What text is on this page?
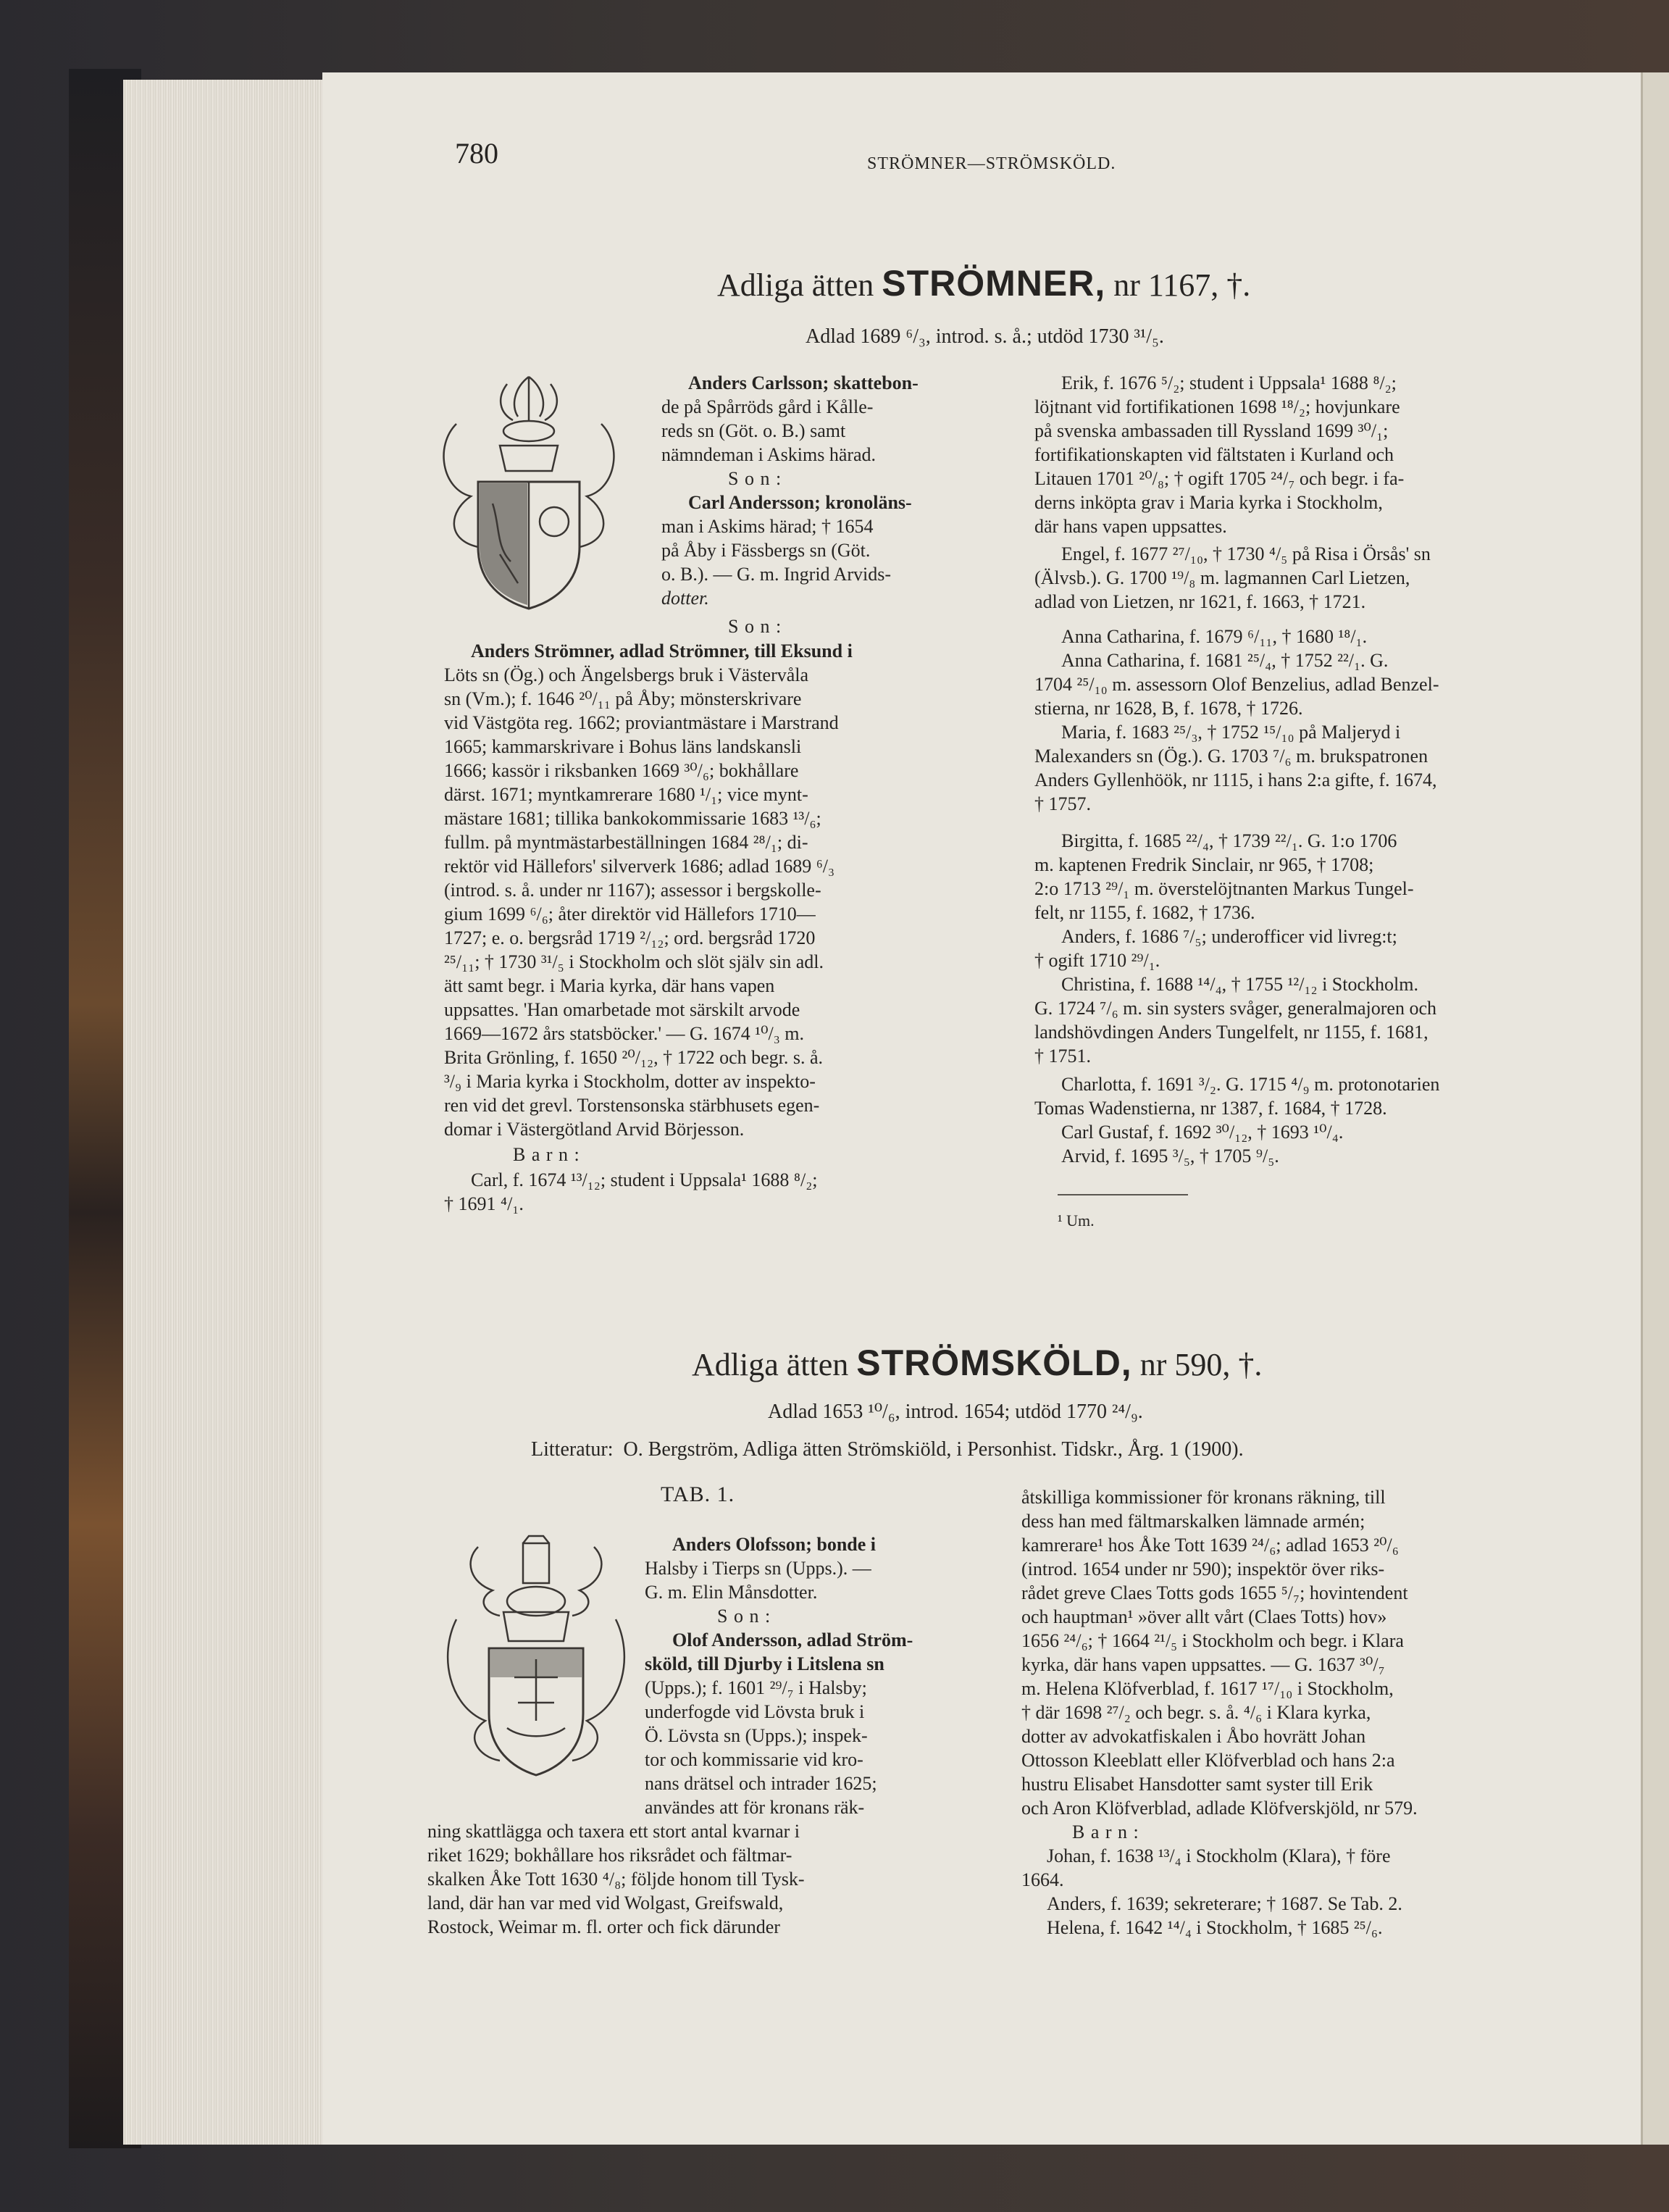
780	STRÖMNER—STRÖMSKÖLD.
Adliga ätten STRÖMNER, nr 1167, †.
Adlad 1689 ⁶/₃, introd. s. å.; utdöd 1730 ³¹/₅.
Anders Carlsson; skattebon-
de på Spårröds gård i Kålle-
reds sn (Göt. o. B.) samt
nämndeman i Askims härad.
S o n :
Carl Andersson; kronoläns-
man i Askims härad; † 1654
på Åby i Fässbergs sn (Göt.
o. B.). — G. m. Ingrid Arvids-
dotter.
S o n :
Anders Strömner, adlad Strömner, till Eksund i
Löts sn (Ög.) och Ängelsbergs bruk i Västervåla
sn (Vm.); f. 1646 ²⁰/₁₁ på Åby; mönsterskrivare
vid Västgöta reg. 1662; proviantmästare i Marstrand
1665; kammarskrivare i Bohus läns landskansli
1666; kassör i riksbanken 1669 ³⁰/₆; bokhållare
därst. 1671; myntkamrerare 1680 ¹/₁; vice mynt-
mästare 1681; tillika bankokommissarie 1683 ¹³/₆;
fullm. på myntmästarbeställningen 1684 ²⁸/₁; di-
rektör vid Hällefors' silververk 1686; adlad 1689 ⁶/₃
(introd. s. å. under nr 1167); assessor i bergskolle-
gium 1699 ⁶/₆; åter direktör vid Hällefors 1710—
1727; e. o. bergsråd 1719 ²/₁₂; ord. bergsråd 1720
²⁵/₁₁; † 1730 ³¹/₅ i Stockholm och slöt själv sin adl.
ätt samt begr. i Maria kyrka, där hans vapen
uppsattes. 'Han omarbetade mot särskilt arvode
1669—1672 års statsböcker.' — G. 1674 ¹⁰/₃ m.
Brita Grönling, f. 1650 ²⁰/₁₂, † 1722 och begr. s. å.
³/₉ i Maria kyrka i Stockholm, dotter av inspekto-
ren vid det grevl. Torstensonska stärbhusets egen-
domar i Västergötland Arvid Börjesson.
B a r n :
Carl, f. 1674 ¹³/₁₂; student i Uppsala¹ 1688 ⁸/₂;
† 1691 ⁴/₁.
Erik, f. 1676 ⁵/₂; student i Uppsala¹ 1688 ⁸/₂;
löjtnant vid fortifikationen 1698 ¹⁸/₂; hovjunkare
på svenska ambassaden till Ryssland 1699 ³⁰/₁;
fortifikationskapten vid fältstaten i Kurland och
Litauen 1701 ²⁰/₈; † ogift 1705 ²⁴/₇ och begr. i fa-
derns inköpta grav i Maria kyrka i Stockholm,
där hans vapen uppsattes.
Engel, f. 1677 ²⁷/₁₀, † 1730 ⁴/₅ på Risa i Örsås' sn
(Älvsb.). G. 1700 ¹⁹/₈ m. lagmannen Carl Lietzen,
adlad von Lietzen, nr 1621, f. 1663, † 1721.
Anna Catharina, f. 1679 ⁶/₁₁, † 1680 ¹⁸/₁.
Anna Catharina, f. 1681 ²⁵/₄, † 1752 ²²/₁. G.
1704 ²⁵/₁₀ m. assessorn Olof Benzelius, adlad Benzel-
stierna, nr 1628, B, f. 1678, † 1726.
Maria, f. 1683 ²⁵/₃, † 1752 ¹⁵/₁₀ på Maljeryd i
Malexanders sn (Ög.). G. 1703 ⁷/₆ m. brukspatronen
Anders Gyllenhöök, nr 1115, i hans 2:a gifte, f. 1674,
† 1757.
Birgitta, f. 1685 ²²/₄, † 1739 ²²/₁. G. 1:o 1706
m. kaptenen Fredrik Sinclair, nr 965, † 1708;
2:o 1713 ²⁹/₁ m. överstelöjtnanten Markus Tungel-
felt, nr 1155, f. 1682, † 1736.
Anders, f. 1686 ⁷/₅; underofficer vid livreg:t;
† ogift 1710 ²⁹/₁.
Christina, f. 1688 ¹⁴/₄, † 1755 ¹²/₁₂ i Stockholm.
G. 1724 ⁷/₆ m. sin systers svåger, generalmajoren och
landshövdingen Anders Tungelfelt, nr 1155, f. 1681,
† 1751.
Charlotta, f. 1691 ³/₂. G. 1715 ⁴/₉ m. protonotarien
Tomas Wadenstierna, nr 1387, f. 1684, † 1728.
Carl Gustaf, f. 1692 ³⁰/₁₂, † 1693 ¹⁰/₄.
Arvid, f. 1695 ³/₅, † 1705 ⁹/₅.
¹ Um.
Adliga ätten STRÖMSKÖLD, nr 590, †.
Adlad 1653 ¹⁰/₆, introd. 1654; utdöd 1770 ²⁴/₉.
Litteratur:  O. Bergström, Adliga ätten Strömskiöld, i Personhist. Tidskr., Årg. 1 (1900).
TAB. 1.
Anders Olofsson; bonde i
Halsby i Tierps sn (Upps.). —
G. m. Elin Månsdotter.
S o n :
Olof Andersson, adlad Ström-
sköld, till Djurby i Litslena sn
(Upps.); f. 1601 ²⁹/₇ i Halsby;
underfogde vid Lövsta bruk i
Ö. Lövsta sn (Upps.); inspek-
tor och kommissarie vid kro-
nans drätsel och intrader 1625;
användes att för kronans räk-
ning skattlägga och taxera ett stort antal kvarnar i
riket 1629; bokhållare hos riksrådet och fältmar-
skalken Åke Tott 1630 ⁴/₈; följde honom till Tysk-
land, där han var med vid Wolgast, Greifswald,
Rostock, Weimar m. fl. orter och fick därunder
åtskilliga kommissioner för kronans räkning, till
dess han med fältmarskalken lämnade armén;
kamrerare¹ hos Åke Tott 1639 ²⁴/₆; adlad 1653 ²⁰/₆
(introd. 1654 under nr 590); inspektör över riks-
rådet greve Claes Totts gods 1655 ⁵/₇; hovintendent
och hauptman¹ »över allt vårt (Claes Totts) hov»
1656 ²⁴/₆; † 1664 ²¹/₅ i Stockholm och begr. i Klara
kyrka, där hans vapen uppsattes. — G. 1637 ³⁰/₇
m. Helena Klöfverblad, f. 1617 ¹⁷/₁₀ i Stockholm,
† där 1698 ²⁷/₂ och begr. s. å. ⁴/₆ i Klara kyrka,
dotter av advokatfiskalen i Åbo hovrätt Johan
Ottosson Kleeblatt eller Klöfverblad och hans 2:a
hustru Elisabet Hansdotter samt syster till Erik
och Aron Klöfverblad, adlade Klöfverskjöld, nr 579.
B a r n :
Johan, f. 1638 ¹³/₄ i Stockholm (Klara), † före
1664.
Anders, f. 1639; sekreterare; † 1687. Se Tab. 2.
Helena, f. 1642 ¹⁴/₄ i Stockholm, † 1685 ²⁵/₆.
